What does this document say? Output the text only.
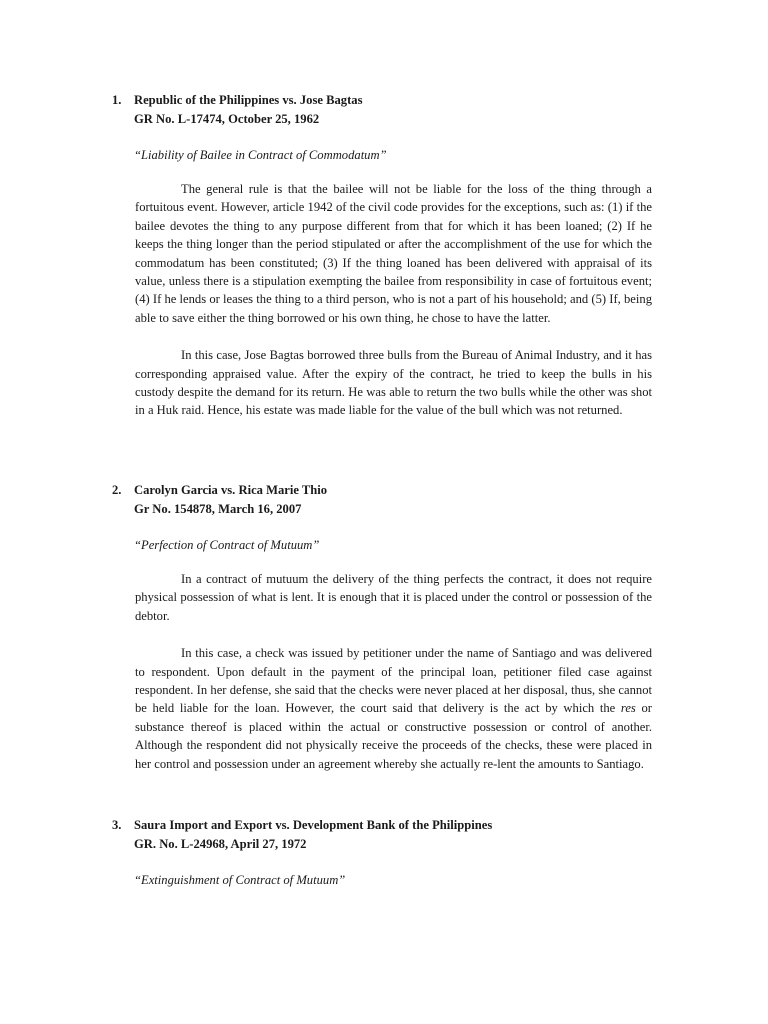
1. Republic of the Philippines vs. Jose Bagtas
GR No. L-17474, October 25, 1962
“Liability of Bailee in Contract of Commodatum”

The general rule is that the bailee will not be liable for the loss of the thing through a fortuitous event. However, article 1942 of the civil code provides for the exceptions, such as: (1) if the bailee devotes the thing to any purpose different from that for which it has been loaned; (2) If he keeps the thing longer than the period stipulated or after the accomplishment of the use for which the commodatum has been constituted; (3) If the thing loaned has been delivered with appraisal of its value, unless there is a stipulation exempting the bailee from responsibility in case of fortuitous event; (4) If he lends or leases the thing to a third person, who is not a part of his household; and (5) If, being able to save either the thing borrowed or his own thing, he chose to have the latter.

In this case, Jose Bagtas borrowed three bulls from the Bureau of Animal Industry, and it has corresponding appraised value. After the expiry of the contract, he tried to keep the bulls in his custody despite the demand for its return. He was able to return the two bulls while the other was shot in a Huk raid. Hence, his estate was made liable for the value of the bull which was not returned.

2. Carolyn Garcia vs. Rica Marie Thio
Gr No. 154878, March 16, 2007
“Perfection of Contract of Mutuum”

In a contract of mutuum the delivery of the thing perfects the contract, it does not require physical possession of what is lent. It is enough that it is placed under the control or possession of the debtor.

In this case, a check was issued by petitioner under the name of Santiago and was delivered to respondent. Upon default in the payment of the principal loan, petitioner filed case against respondent. In her defense, she said that the checks were never placed at her disposal, thus, she cannot be held liable for the loan. However, the court said that delivery is the act by which the res or substance thereof is placed within the actual or constructive possession or control of another. Although the respondent did not physically receive the proceeds of the checks, these were placed in her control and possession under an agreement whereby she actually re-lent the amounts to Santiago.

3. Saura Import and Export vs. Development Bank of the Philippines
GR. No. L-24968, April 27, 1972
“Extinguishment of Contract of Mutuum”
